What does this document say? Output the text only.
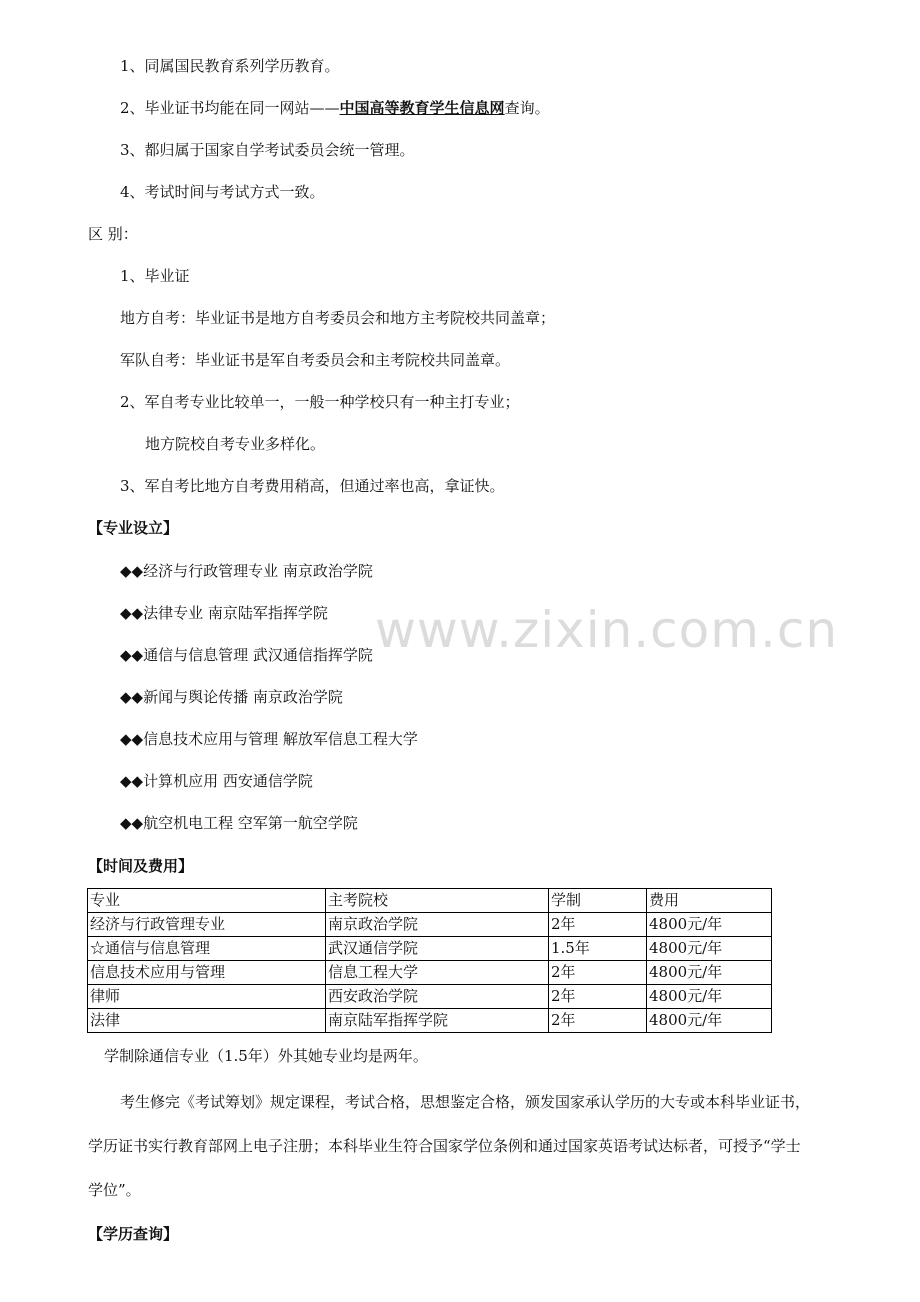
www.zixin.com.cn
1、同属国民教育系列学历教育。
2、毕业证书均能在同一网站——中国高等教育学生信息网查询。
3、都归属于国家自学考试委员会统一管理。
4、考试时间与考试方式一致。
区 别：
1、毕业证
地方自考：毕业证书是地方自考委员会和地方主考院校共同盖章；
军队自考：毕业证书是军自考委员会和主考院校共同盖章。
2、军自考专业比较单一，一般一种学校只有一种主打专业；
地方院校自考专业多样化。
3、军自考比地方自考费用稍高，但通过率也高，拿证快。
【专业设立】
◆◆经济与行政管理专业 南京政治学院
◆◆法律专业 南京陆军指挥学院
◆◆通信与信息管理 武汉通信指挥学院
◆◆新闻与舆论传播 南京政治学院
◆◆信息技术应用与管理 解放军信息工程大学
◆◆计算机应用 西安通信学院
◆◆航空机电工程 空军第一航空学院
【时间及费用】
专业	主考院校	学制	费用
经济与行政管理专业	南京政治学院	2年	4800元/年
☆通信与信息管理	武汉通信学院	1.5年	4800元/年
信息技术应用与管理	信息工程大学	2年	4800元/年
律师	西安政治学院	2年	4800元/年
法律	南京陆军指挥学院	2年	4800元/年
学制除通信专业（1.5年）外其她专业均是两年。
考生修完《考试筹划》规定课程，考试合格，思想鉴定合格，颁发国家承认学历的大专或本科毕业证书，
学历证书实行教育部网上电子注册；本科毕业生符合国家学位条例和通过国家英语考试达标者，可授予“学士
学位”。
【学历查询】
